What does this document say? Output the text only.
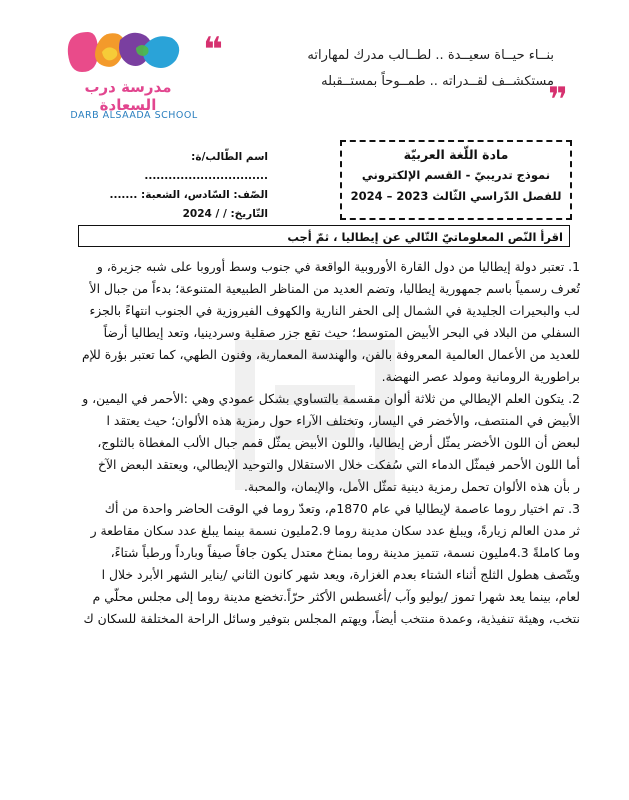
مدرسة درب السعادة
DARB ALSAADA SCHOOL
❝	بنــاء حيــاة سعيــدة .. لطــالب مدرك لمهاراته
مستكشــف لقــدراته .. طمــوحاً بمستــقبله
❞
مادة اللّغة العربيّة
نموذج تدريبيّ - القسم الإلكتروني
للفصل الدّراسي الثّالث 2023 – 2024
اسم الطّالب/ة: ...............................
الصّف: السّادس، الشعبة: .......
التّاريخ: / / 2024
اقرأ النّص المعلوماتيّ التّالي عن إيطاليا ، ثمّ أجب

1. تعتبر دولة إيطاليا من دول القارة الأوروبية الواقعة في جنوب وسط أوروبا على شبه جزيرة، و
تُعرف رسمياً باسم جمهورية إيطاليا، وتضم العديد من المناظر الطبيعية المتنوعة؛ بدءاً من جبال الأ
لب والبحيرات الجليدية في الشمال إلى الحفر النارية والكهوف الفيروزية في الجنوب انتهاءً بالجزء
السفلي من البلاد في البحر الأبيض المتوسط؛ حيث تقع جزر صقلية وسردينيا، وتعد إيطاليا أرضاً
للعديد من الأعمال العالمية المعروفة بالفن، والهندسة المعمارية، وفنون الطهي، كما تعتبر بؤرة للإم
براطورية الرومانية ومولد عصر النهضة.

2. يتكون العلم الإيطالي من ثلاثة ألوان مقسمة بالتساوي بشكل عمودي وهي :الأحمر في اليمين، و
الأبيض في المنتصف، والأخضر في اليسار، وتختلف الآراء حول رمزية هذه الألوان؛ حيث يعتقد ا
لبعض أن اللون الأخضر يمثّل أرض إيطاليا، واللون الأبيض يمثّل قمم جبال الألب المغطاة بالثلوج،
أما اللون الأحمر فيمثّل الدماء التي سُفكت خلال الاستقلال والتوحيد الإيطالي، ويعتقد البعض الآخ
ر بأن هذه الألوان تحمل رمزية دينية تمثّل الأمل، والإيمان، والمحبة.

3. تم اختيار روما عاصمة لإيطاليا في عام 1870م، وتعدّ روما في الوقت الحاضر واحدة من أك
ثر مدن العالم زيارةً، ويبلغ عدد سكان مدينة روما 2.9مليون نسمة بينما يبلغ عدد سكان مقاطعة ر
وما كاملةً 4.3مليون نسمة، تتميز مدينة روما بمناخ معتدل يكون جافاً صيفاً وبارداً ورطباً شتاءً،
ويتّصف هطول الثلج أثناء الشتاء بعدم الغزارة، ويعد شهر كانون الثاني /يناير الشهر الأبرد خلال ا
لعام، بينما يعد شهرا تموز /يوليو وآب /أغسطس الأكثر حرّاً.تخضع مدينة روما إلى مجلس محلّي م
نتخب، وهيئة تنفيذية، وعمدة منتخب أيضاً، ويهتم المجلس بتوفير وسائل الراحة المختلفة للسكان ك
